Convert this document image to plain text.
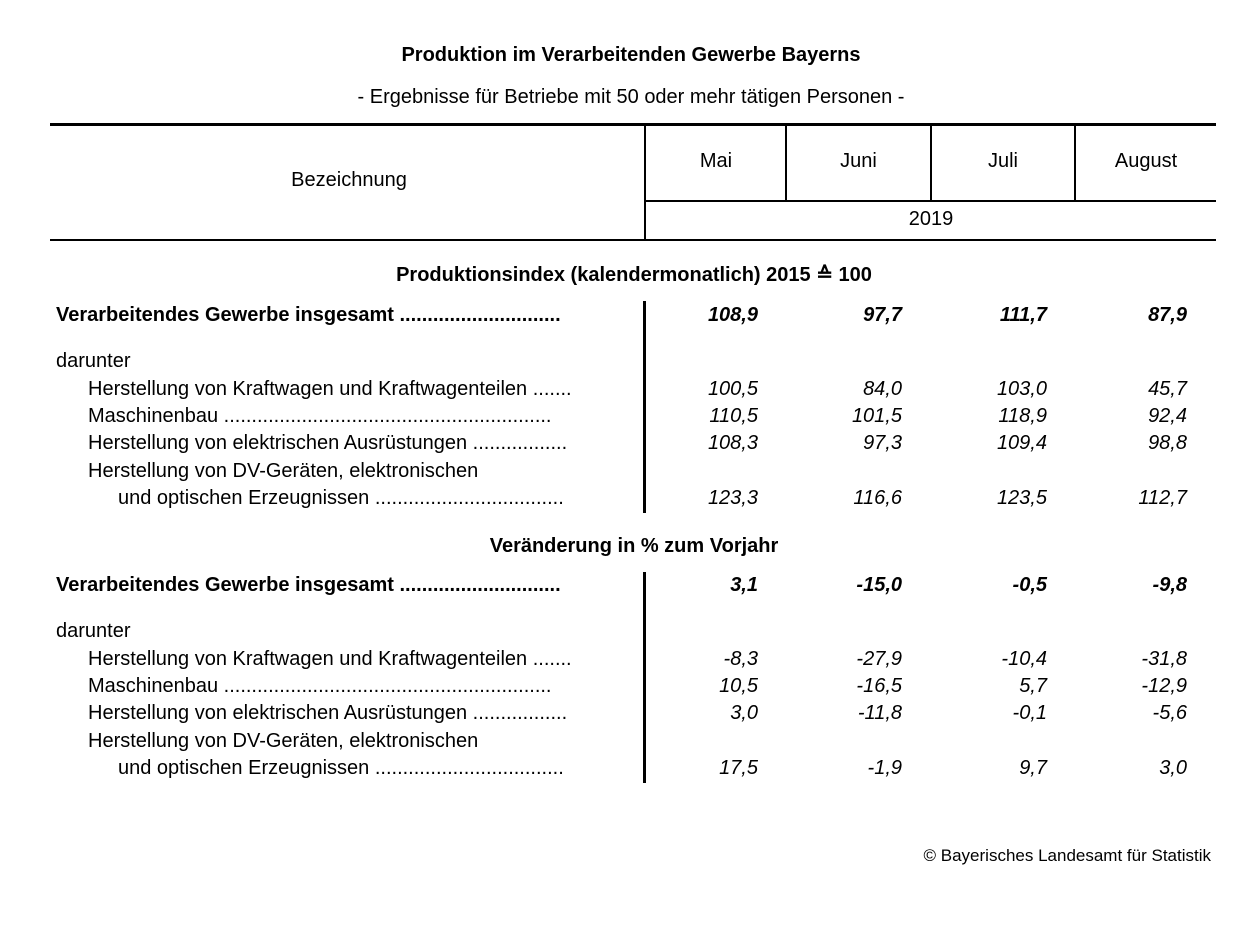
Produktion im Verarbeitenden Gewerbe Bayerns
- Ergebnisse für Betriebe mit 50 oder mehr tätigen Personen -
Bezeichnung
Mai	Juni	Juli	August
2019
Produktionsindex (kalendermonatlich) 2015 ≙ 100
Verarbeitendes Gewerbe insgesamt .............................	108,9	97,7	111,7	87,9
darunter
Herstellung von Kraftwagen und Kraftwagenteilen .......	100,5	84,0	103,0	45,7
Maschinenbau ...........................................................	110,5	101,5	118,9	92,4
Herstellung von elektrischen Ausrüstungen .................	108,3	97,3	109,4	98,8
Herstellung von DV-Geräten, elektronischen
und optischen Erzeugnissen ..................................	123,3	116,6	123,5	112,7
Veränderung in % zum Vorjahr
Verarbeitendes Gewerbe insgesamt .............................	3,1	-15,0	-0,5	-9,8
darunter
Herstellung von Kraftwagen und Kraftwagenteilen .......	-8,3	-27,9	-10,4	-31,8
Maschinenbau ...........................................................	10,5	-16,5	5,7	-12,9
Herstellung von elektrischen Ausrüstungen .................	3,0	-11,8	-0,1	-5,6
Herstellung von DV-Geräten, elektronischen
und optischen Erzeugnissen ..................................	17,5	-1,9	9,7	3,0
© Bayerisches Landesamt für Statistik
